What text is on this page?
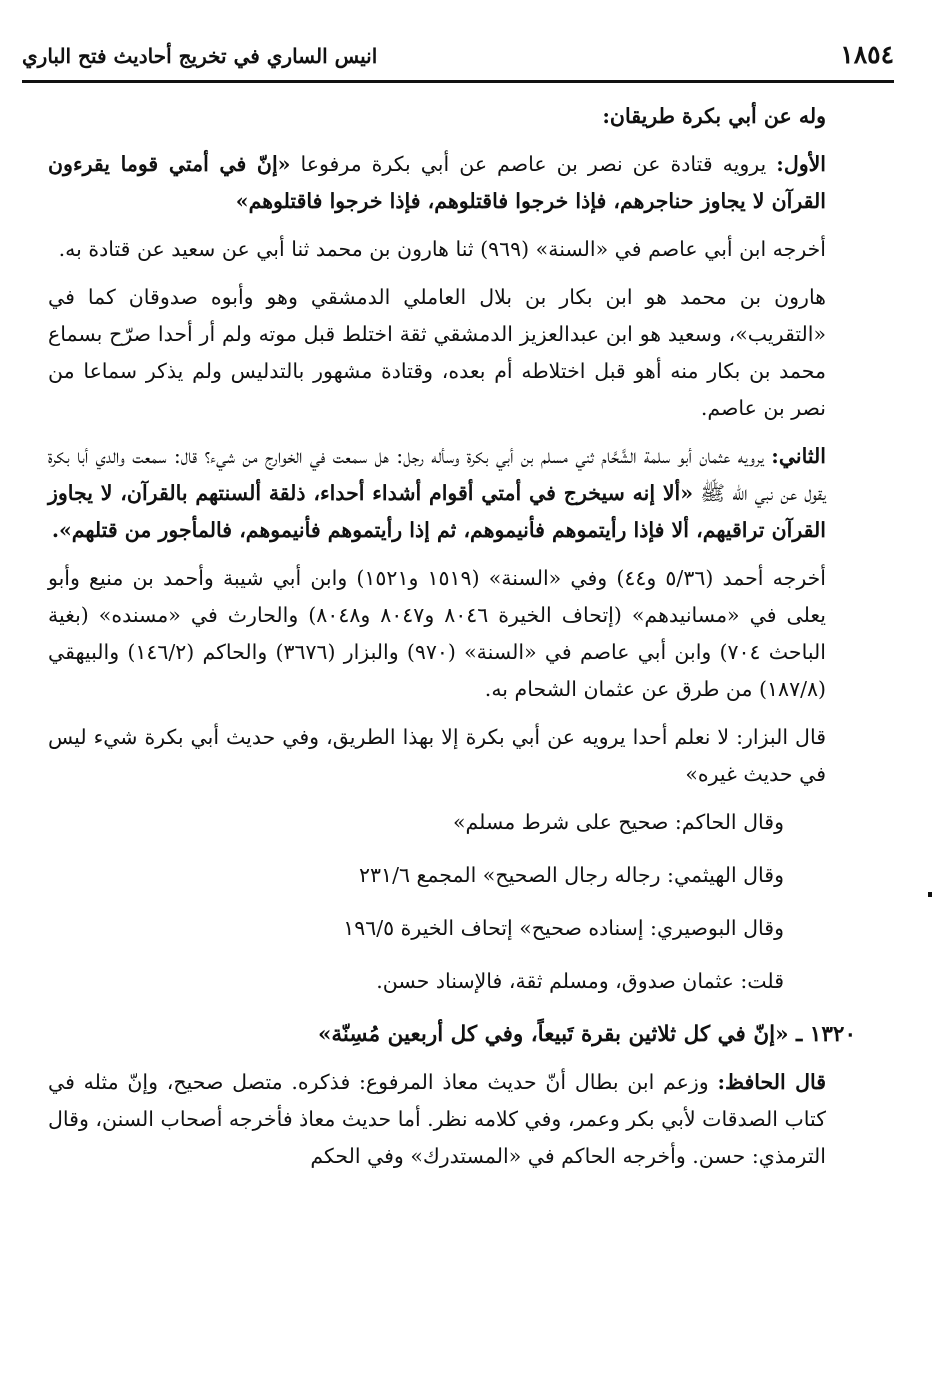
١٨٥٤
انيس الساري في تخريج أحاديث فتح الباري

وله عن أبي بكرة طريقان:

الأول: يرويه قتادة عن نصر بن عاصم عن أبي بكرة مرفوعا «إنّ في أمتي قوما يقرءون القرآن لا يجاوز حناجرهم، فإذا خرجوا فاقتلوهم، فإذا خرجوا فاقتلوهم»

أخرجه ابن أبي عاصم في «السنة» (٩٦٩) ثنا هارون بن محمد ثنا أبي عن سعيد عن قتادة به.

هارون بن محمد هو ابن بكار بن بلال العاملي الدمشقي وهو وأبوه صدوقان كما في «التقريب»، وسعيد هو ابن عبدالعزيز الدمشقي ثقة اختلط قبل موته ولم أر أحدا صرّح بسماع محمد بن بكار منه أهو قبل اختلاطه أم بعده، وقتادة مشهور بالتدليس ولم يذكر سماعا من نصر بن عاصم.

الثاني: يرويه عثمان أبو سلمة الشَّحَّام ثني مسلم بن أبي بكرة وسأله رجل: هل سمعت في الخوارج من شيء؟ قال: سمعت والدي أبا بكرة يقول عن نبي الله ﷺ «ألا إنه سيخرج في أمتي أقوام أشداء أحداء، ذلقة ألسنتهم بالقرآن، لا يجاوز القرآن تراقيهم، ألا فإذا رأيتموهم فأنيموهم، ثم إذا رأيتموهم فأنيموهم، فالمأجور من قتلهم».

أخرجه أحمد (٥/٣٦ و٤٤) وفي «السنة» (١٥١٩ و١٥٢١) وابن أبي شيبة وأحمد بن منيع وأبو يعلى في «مسانيدهم» (إتحاف الخيرة ٨٠٤٦ و٨٠٤٧ و٨٠٤٨) والحارث في «مسنده» (بغية الباحث ٧٠٤) وابن أبي عاصم في «السنة» (٩٧٠) والبزار (٣٦٧٦) والحاكم (١٤٦/٢) والبيهقي (١٨٧/٨) من طرق عن عثمان الشحام به.

قال البزار: لا نعلم أحدا يرويه عن أبي بكرة إلا بهذا الطريق، وفي حديث أبي بكرة شيء ليس في حديث غيره»

وقال الحاكم: صحيح على شرط مسلم»

وقال الهيثمي: رجاله رجال الصحيح» المجمع ٢٣١/٦

وقال البوصيري: إسناده صحيح» إتحاف الخيرة ١٩٦/٥

قلت: عثمان صدوق، ومسلم ثقة، فالإسناد حسن.

١٣٢٠ ـ «إنّ في كل ثلاثين بقرة تَبيعاً، وفي كل أربعين مُسِنّة»

قال الحافظ: وزعم ابن بطال أنّ حديث معاذ المرفوع: فذكره. متصل صحيح، وإنّ مثله في كتاب الصدقات لأبي بكر وعمر، وفي كلامه نظر. أما حديث معاذ فأخرجه أصحاب السنن، وقال الترمذي: حسن. وأخرجه الحاكم في «المستدرك» وفي الحكم
